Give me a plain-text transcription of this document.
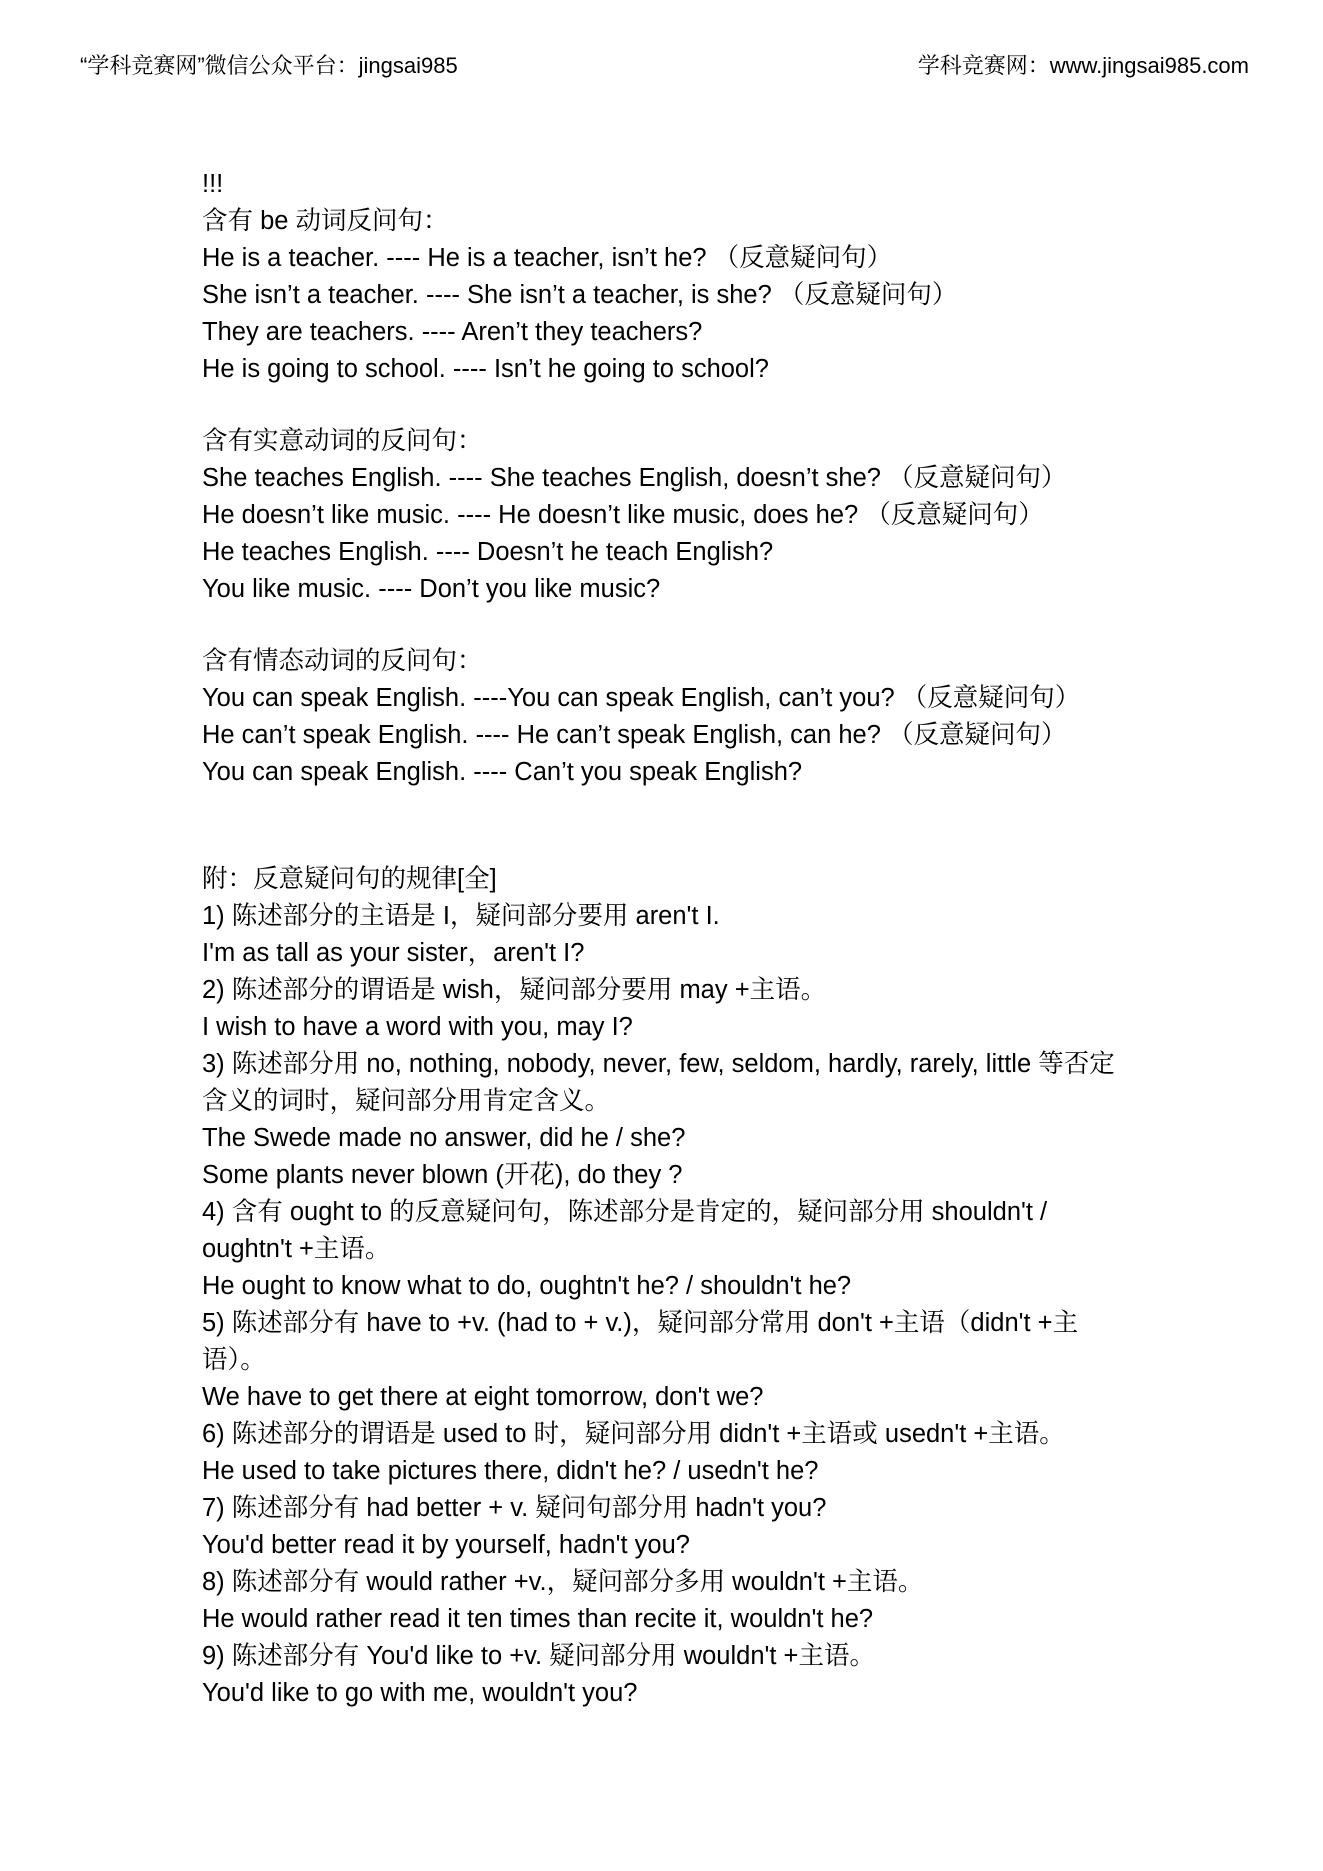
“学科竞赛网”微信公众平台：jingsai985	学科竞赛网：www.jingsai985.com
!!!
含有 be 动词反问句：
He is a teacher. ---- He is a teacher, isn’t he? （反意疑问句）
She isn’t a teacher. ---- She isn’t a teacher, is she? （反意疑问句）
They are teachers. ---- Aren’t they teachers?
He is going to school. ---- Isn’t he going to school?
含有实意动词的反问句：
She teaches English. ---- She teaches English, doesn’t she? （反意疑问句）
He doesn’t like music. ---- He doesn’t like music, does he? （反意疑问句）
He teaches English. ---- Doesn’t he teach English?
You like music. ---- Don’t you like music?
含有情态动词的反问句：
You can speak English. ----You can speak English, can’t you? （反意疑问句）
He can’t speak English. ---- He can’t speak English, can he? （反意疑问句）
You can speak English. ---- Can’t you speak English?
附：反意疑问句的规律[全]
1) 陈述部分的主语是 I，疑问部分要用 aren't I.
I'm as tall as your sister，aren't I?
2) 陈述部分的谓语是 wish，疑问部分要用 may +主语。
I wish to have a word with you, may I?
3) 陈述部分用 no, nothing, nobody, never, few, seldom, hardly, rarely, little 等否定含义的词时，疑问部分用肯定含义。
The Swede made no answer, did he / she?
Some plants never blown (开花), do they ?
4) 含有 ought to 的反意疑问句，陈述部分是肯定的，疑问部分用 shouldn't / oughtn't +主语。
He ought to know what to do, oughtn't he? / shouldn't he?
5) 陈述部分有 have to +v. (had to + v.)，疑问部分常用 don't +主语（didn't +主语）。
We have to get there at eight tomorrow, don't we?
6) 陈述部分的谓语是 used to 时，疑问部分用 didn't +主语或 usedn't +主语。
He used to take pictures there, didn't he? / usedn't he?
7) 陈述部分有 had better + v. 疑问句部分用 hadn't you?
You'd better read it by yourself, hadn't you?
8) 陈述部分有 would rather +v.，疑问部分多用 wouldn't +主语。
He would rather read it ten times than recite it, wouldn't he?
9) 陈述部分有 You'd like to +v. 疑问部分用 wouldn't +主语。
You'd like to go with me, wouldn't you?
